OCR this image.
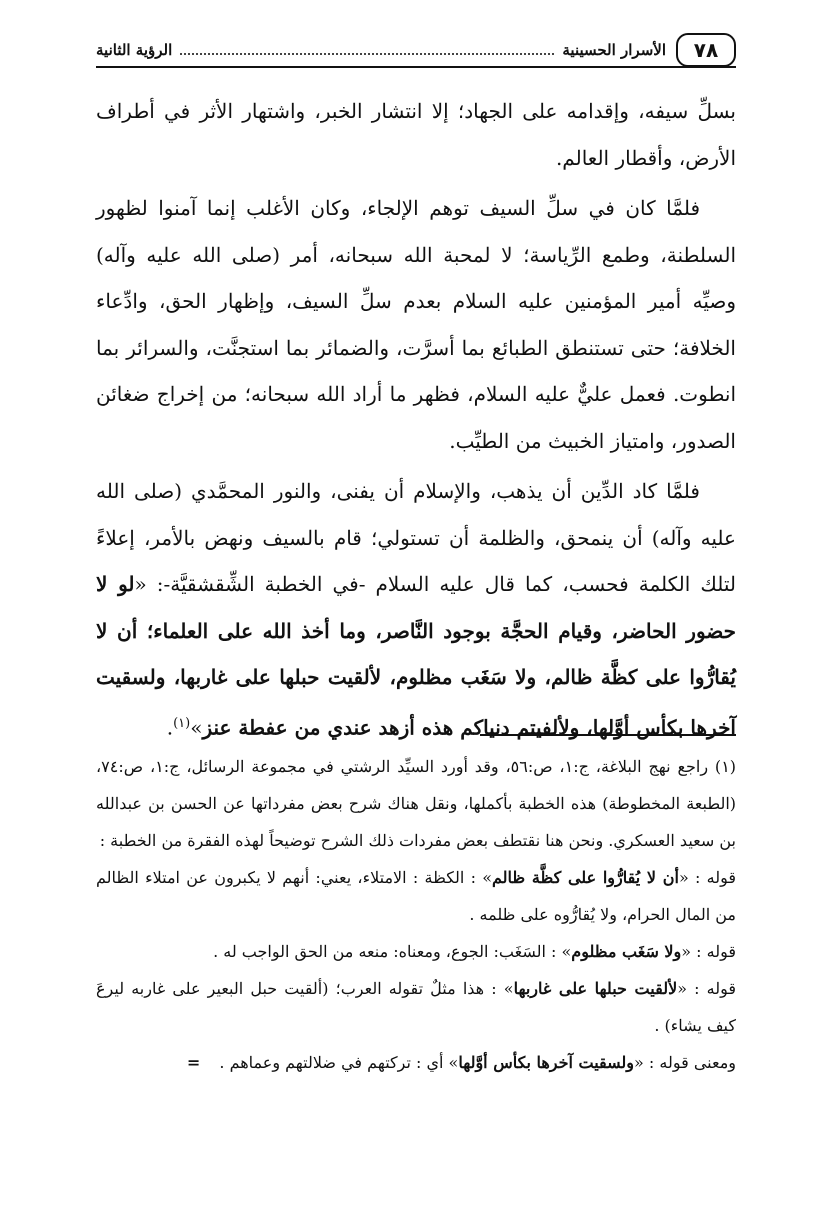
٧٨
الأسرار الحسينية
الرؤية الثانية

بسلِّ سيفه، وإقدامه على الجهاد؛ إلا انتشار الخبر، واشتهار الأثر في أطراف الأرض، وأقطار العالم.

فلمَّا كان في سلِّ السيف توهم الإلجاء، وكان الأغلب إنما آمنوا لظهور السلطنة، وطمع الرِّياسة؛ لا لمحبة الله سبحانه، أمر (صلى الله عليه وآله) وصيِّه أمير المؤمنين عليه السلام بعدم سلِّ السيف، وإظهار الحق، وادِّعاء الخلافة؛ حتى تستنطق الطبائع بما أسرَّت، والضمائر بما استجنَّت، والسرائر بما انطوت. فعمل عليٌّ عليه السلام، فظهر ما أراد الله سبحانه؛ من إخراج ضغائن الصدور، وامتياز الخبيث من الطيِّب.

فلمَّا كاد الدِّين أن يذهب، والإسلام أن يفنى، والنور المحمَّدي (صلى الله عليه وآله) أن ينمحق، والظلمة أن تستولي؛ قام بالسيف ونهض بالأمر، إعلاءً لتلك الكلمة فحسب، كما قال عليه السلام -في الخطبة الشِّقشقيَّة-: «لو لا حضور الحاضر، وقيام الحجَّة بوجود النَّاصر، وما أخذ الله على العلماء؛ أن لا يُقارُّوا على كظَّة ظالم، ولا سَغَب مظلوم، لألقيت حبلها على غاربها، ولسقيت آخرها بكأس أوَّلها، ولألفيتم دنياكم هذه أزهد عندي من عفطة عنز»$^{(١)}$.

(١) راجع نهج البلاغة، ج:١، ص:٥٦، وقد أورد السيِّد الرشتي في مجموعة الرسائل، ج:١، ص:٧٤، (الطبعة المخطوطة) هذه الخطبة بأكملها، ونقل هناك شرح بعض مفرداتها عن الحسن بن عبدالله بن سعيد العسكري. ونحن هنا نقتطف بعض مفردات ذلك الشرح توضيحاً لهذه الفقرة من الخطبة :

قوله : «أن لا يُقارُّوا على كظَّة ظالم» : الكظة : الامتلاء، يعني: أنهم لا يكبرون عن امتلاء الظالم من المال الحرام، ولا يُقارُّوه على ظلمه .

قوله : «ولا سَغَب مظلوم» : السَغَب: الجوع، ومعناه: منعه من الحق الواجب له .

قوله : «لألقيت حبلها على غاربها» : هذا مثلٌ تقوله العرب؛ (ألقيت حبل البعير على غاربه ليرعَ كيف يشاء) .

ومعنى قوله : «ولسقيت آخرها بكأس أوَّلها» أي : تركتهم في ضلالتهم وعماهم . =
